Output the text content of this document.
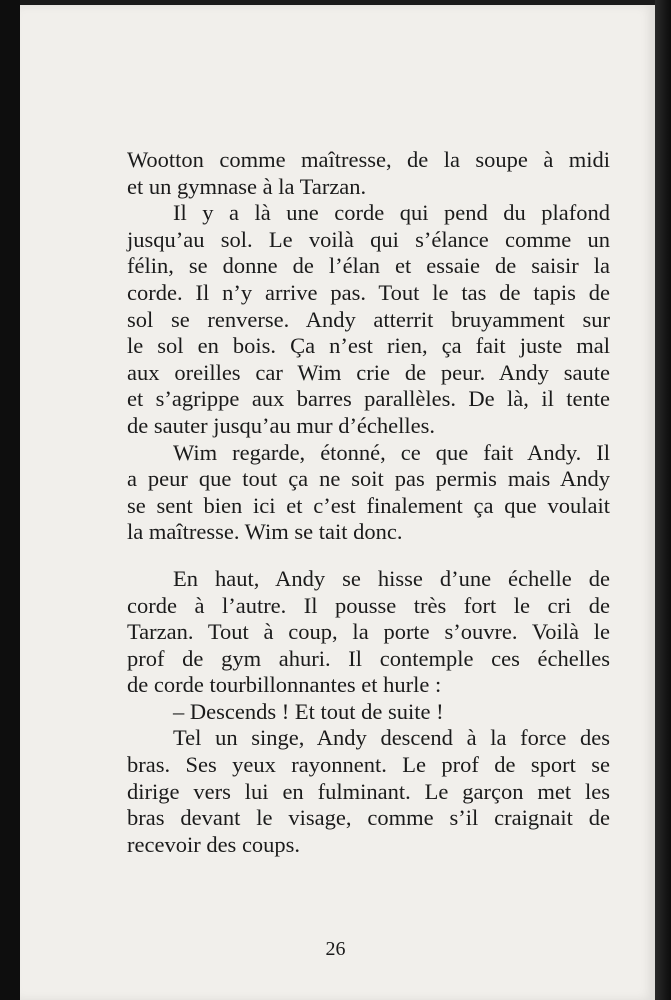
Wootton comme maîtresse, de la soupe à midi
et un gymnase à la Tarzan.
Il y a là une corde qui pend du plafond
jusqu’au sol. Le voilà qui s’élance comme un
félin, se donne de l’élan et essaie de saisir la
corde. Il n’y arrive pas. Tout le tas de tapis de
sol se renverse. Andy atterrit bruyamment sur
le sol en bois. Ça n’est rien, ça fait juste mal
aux oreilles car Wim crie de peur. Andy saute
et s’agrippe aux barres parallèles. De là, il tente
de sauter jusqu’au mur d’échelles.
Wim regarde, étonné, ce que fait Andy. Il
a peur que tout ça ne soit pas permis mais Andy
se sent bien ici et c’est finalement ça que voulait
la maîtresse. Wim se tait donc.
En haut, Andy se hisse d’une échelle de
corde à l’autre. Il pousse très fort le cri de
Tarzan. Tout à coup, la porte s’ouvre. Voilà le
prof de gym ahuri. Il contemple ces échelles
de corde tourbillonnantes et hurle :
– Descends ! Et tout de suite !
Tel un singe, Andy descend à la force des
bras. Ses yeux rayonnent. Le prof de sport se
dirige vers lui en fulminant. Le garçon met les
bras devant le visage, comme s’il craignait de
recevoir des coups.
26
